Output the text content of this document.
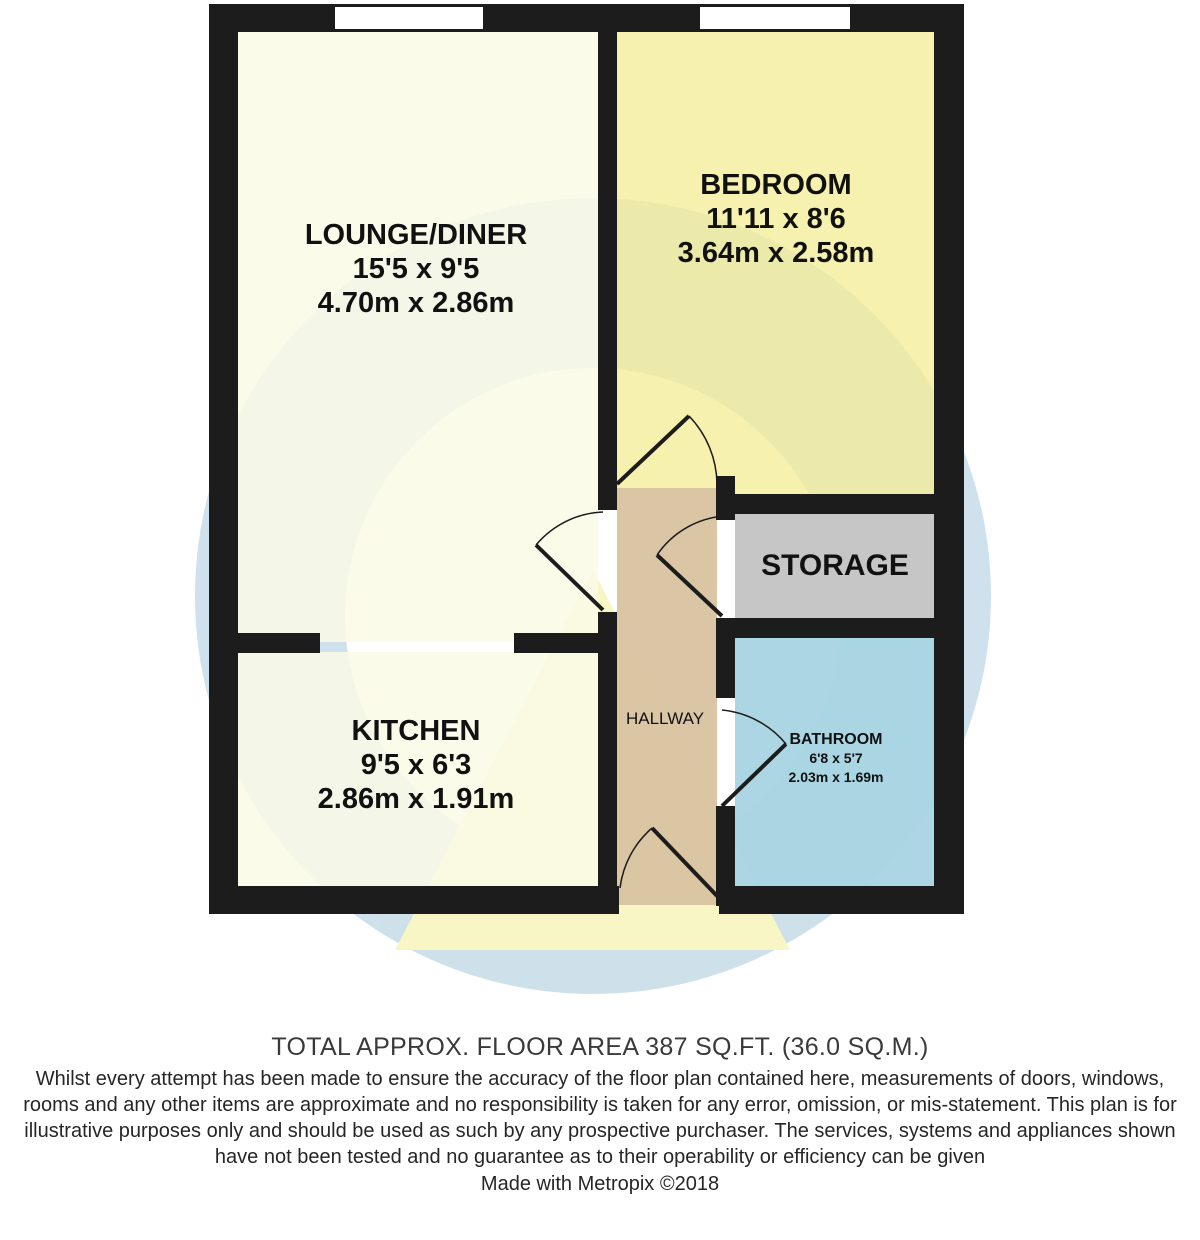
LOUNGE/DINER
15'5 x 9'5
4.70m x 2.86m
BEDROOM
11'11 x 8'6
3.64m x 2.58m
KITCHEN
9'5 x 6'3
2.86m x 1.91m
STORAGE
HALLWAY
BATHROOM
6'8 x 5'7
2.03m x 1.69m
TOTAL APPROX. FLOOR AREA 387 SQ.FT. (36.0 SQ.M.)
Whilst every attempt has been made to ensure the accuracy of the floor plan contained here, measurements of doors, windows, rooms and any other items are approximate and no responsibility is taken for any error, omission, or mis-statement. This plan is for illustrative purposes only and should be used as such by any prospective purchaser. The services, systems and appliances shown have not been tested and no guarantee as to their operability or efficiency can be given
Made with Metropix ©2018
